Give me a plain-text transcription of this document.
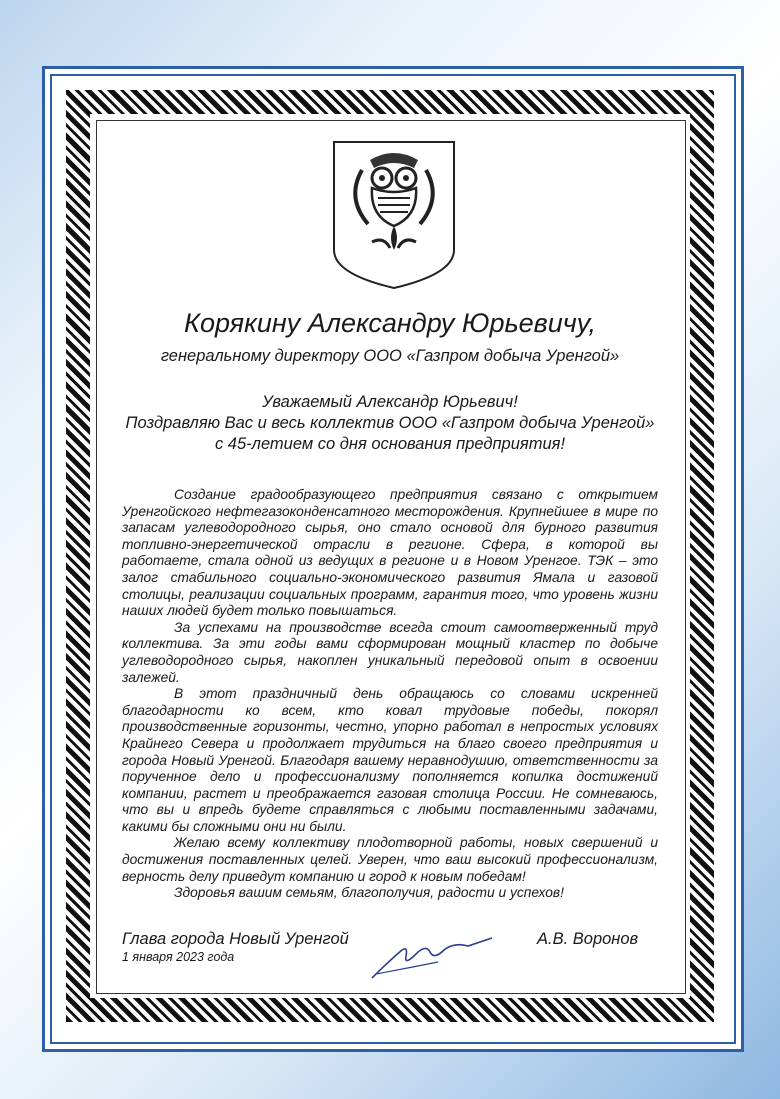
Корякину Александру Юрьевичу,
генеральному директору ООО «Газпром добыча Уренгой»
Уважаемый Александр Юрьевич!
Поздравляю Вас и весь коллектив ООО «Газпром добыча Уренгой»
с 45-летием со дня основания предприятия!

Создание градообразующего предприятия связано с открытием Уренгойского нефтегазоконденсатного месторождения. Крупнейшее в мире по запасам углеводородного сырья, оно стало основой для бурного развития топливно-энергетической отрасли в регионе. Сфера, в которой вы работаете, стала одной из ведущих в регионе и в Новом Уренгое. ТЭК – это залог стабильного социально-экономического развития Ямала и газовой столицы, реализации социальных программ, гарантия того, что уровень жизни наших людей будет только повышаться.

За успехами на производстве всегда стоит самоотверженный труд коллектива. За эти годы вами сформирован мощный кластер по добыче углеводородного сырья, накоплен уникальный передовой опыт в освоении залежей.

В этот праздничный день обращаюсь со словами искренней благодарности ко всем, кто ковал трудовые победы, покорял производственные горизонты, честно, упорно работал в непростых условиях Крайнего Севера и продолжает трудиться на благо своего предприятия и города Новый Уренгой. Благодаря вашему неравнодушию, ответственности за порученное дело и профессионализму пополняется копилка достижений компании, растет и преображается газовая столица России. Не сомневаюсь, что вы и впредь будете справляться с любыми поставленными задачами, какими бы сложными они ни были.

Желаю всему коллективу плодотворной работы, новых свершений и достижения поставленных целей. Уверен, что ваш высокий профессионализм, верность делу приведут компанию и город к новым победам!

Здоровья вашим семьям, благополучия, радости и успехов!

Глава города Новый Уренгой
1 января 2023 года
А.В. Воронов
